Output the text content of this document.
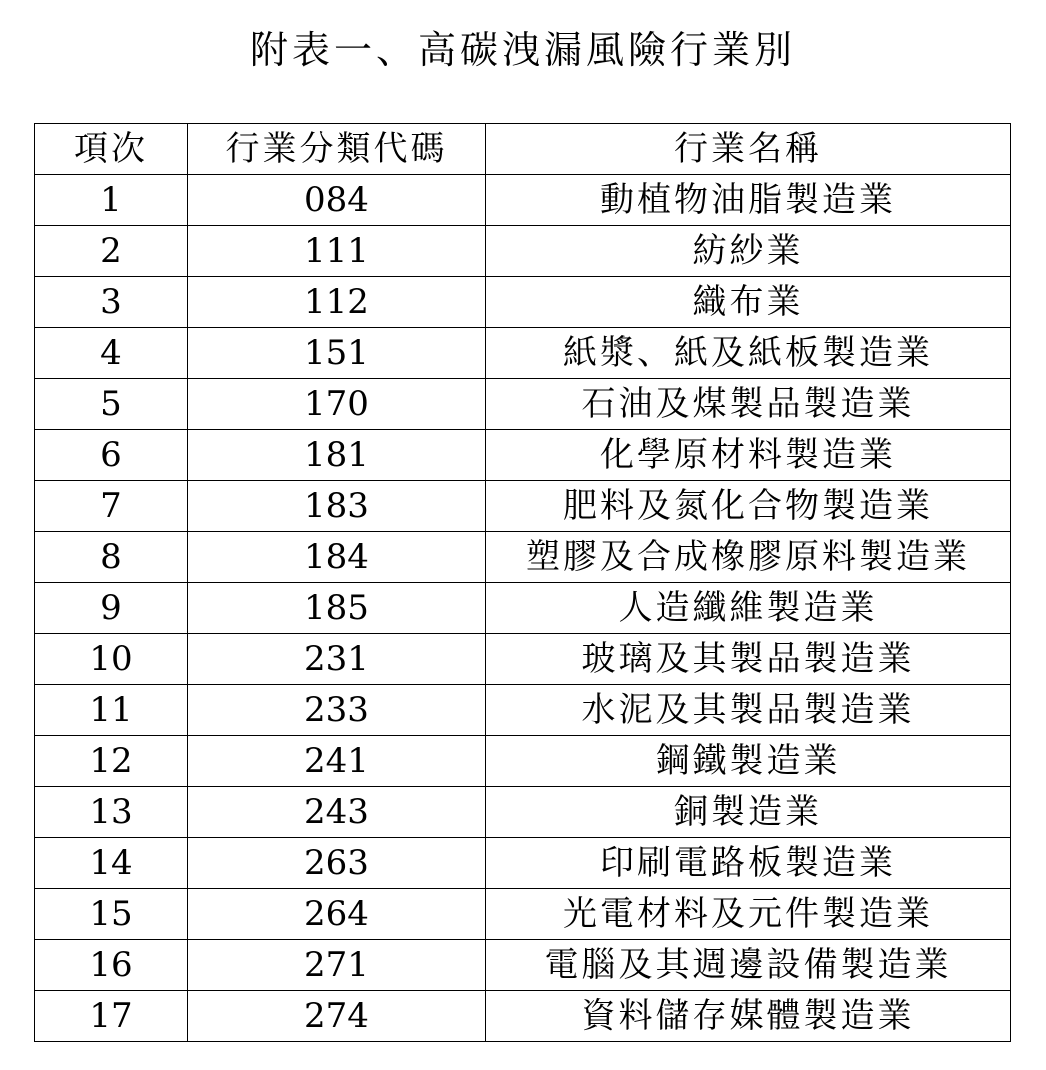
附表一、高碳洩漏風險行業別
項次	行業分類代碼	行業名稱
1	084	動植物油脂製造業
2	111	紡紗業
3	112	織布業
4	151	紙漿、紙及紙板製造業
5	170	石油及煤製品製造業
6	181	化學原材料製造業
7	183	肥料及氮化合物製造業
8	184	塑膠及合成橡膠原料製造業
9	185	人造纖維製造業
10	231	玻璃及其製品製造業
11	233	水泥及其製品製造業
12	241	鋼鐵製造業
13	243	銅製造業
14	263	印刷電路板製造業
15	264	光電材料及元件製造業
16	271	電腦及其週邊設備製造業
17	274	資料儲存媒體製造業
